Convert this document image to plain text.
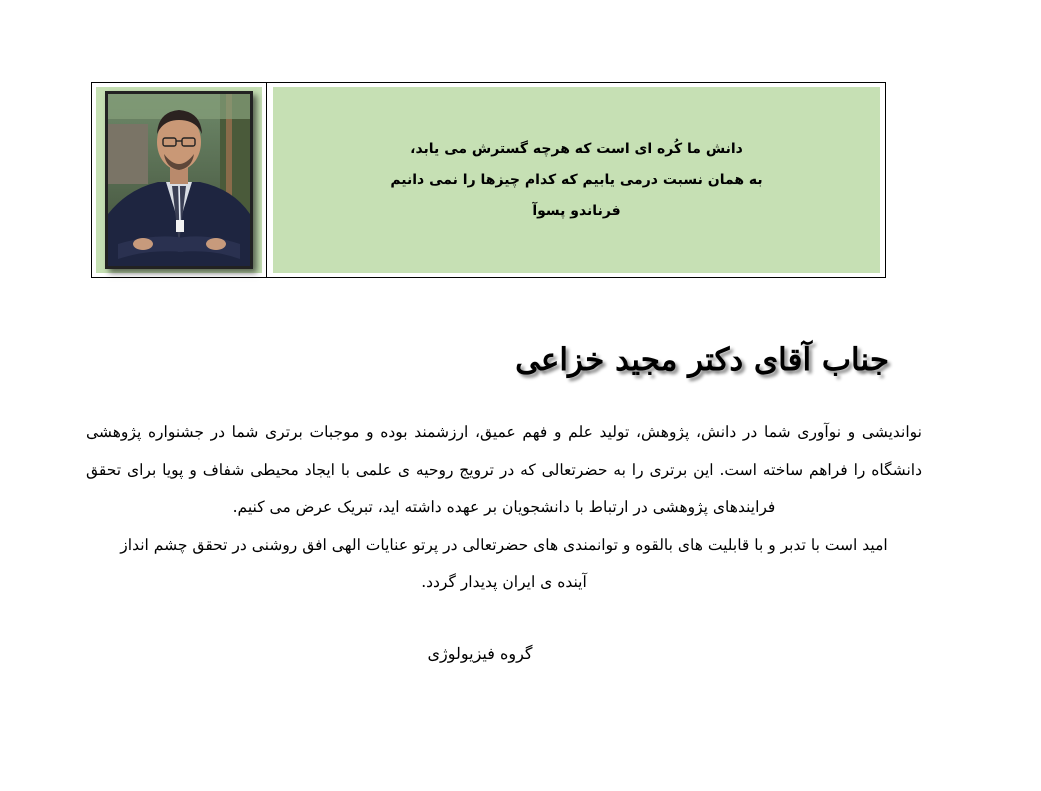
دانش ما کُره ای است که هرچه گسترش می یابد،
به همان نسبت درمی یابیم که کدام چیزها را نمی دانیم
فرناندو پسوآ
جناب آقای دکتر مجید خزاعی
نواندیشی و نوآوری شما در دانش، پژوهش، تولید علم و فهم عمیق، ارزشمند بوده و موجبات برتری شما در جشنواره پژوهشی
دانشگاه را فراهم ساخته است. این برتری را به حضرتعالی که در ترویج روحیه ی علمی با ایجاد محیطی شفاف و پویا برای تحقق
فرایندهای پژوهشی در ارتباط با دانشجویان بر عهده داشته اید، تبریک عرض می کنیم.
امید است با تدبر و با قابلیت های بالقوه و توانمندی های حضرتعالی در پرتو عنایات الهی افق روشنی در تحقق چشم انداز
آینده ی ایران پدیدار گردد.
گروه فیزیولوژی
